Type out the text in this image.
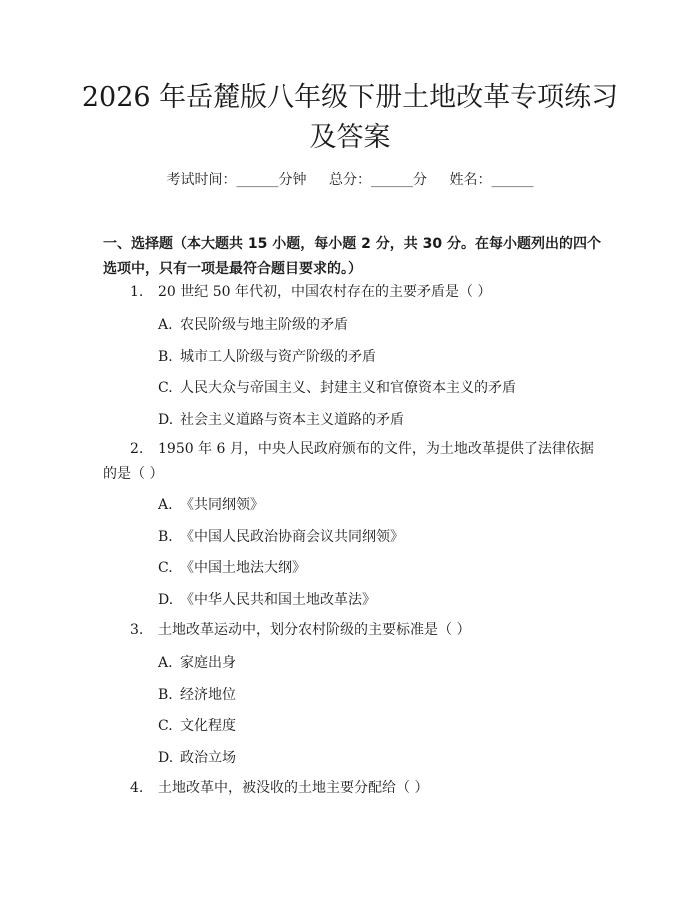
2026 年岳麓版八年级下册土地改革专项练习
及答案
考试时间：______分钟 总分：______分 姓名：______
一、选择题（本大题共 15 小题，每小题 2 分，共 30 分。在每小题列出的四个选项中，只有一项是最符合题目要求的。）
1. 20 世纪 50 年代初，中国农村存在的主要矛盾是（ ）
A. 农民阶级与地主阶级的矛盾
B. 城市工人阶级与资产阶级的矛盾
C. 人民大众与帝国主义、封建主义和官僚资本主义的矛盾
D. 社会主义道路与资本主义道路的矛盾
2. 1950 年 6 月，中央人民政府颁布的文件，为土地改革提供了法律依据的是（ ）
A. 《共同纲领》
B. 《中国人民政治协商会议共同纲领》
C. 《中国土地法大纲》
D. 《中华人民共和国土地改革法》
3. 土地改革运动中，划分农村阶级的主要标准是（ ）
A. 家庭出身
B. 经济地位
C. 文化程度
D. 政治立场
4. 土地改革中，被没收的土地主要分配给（ ）
